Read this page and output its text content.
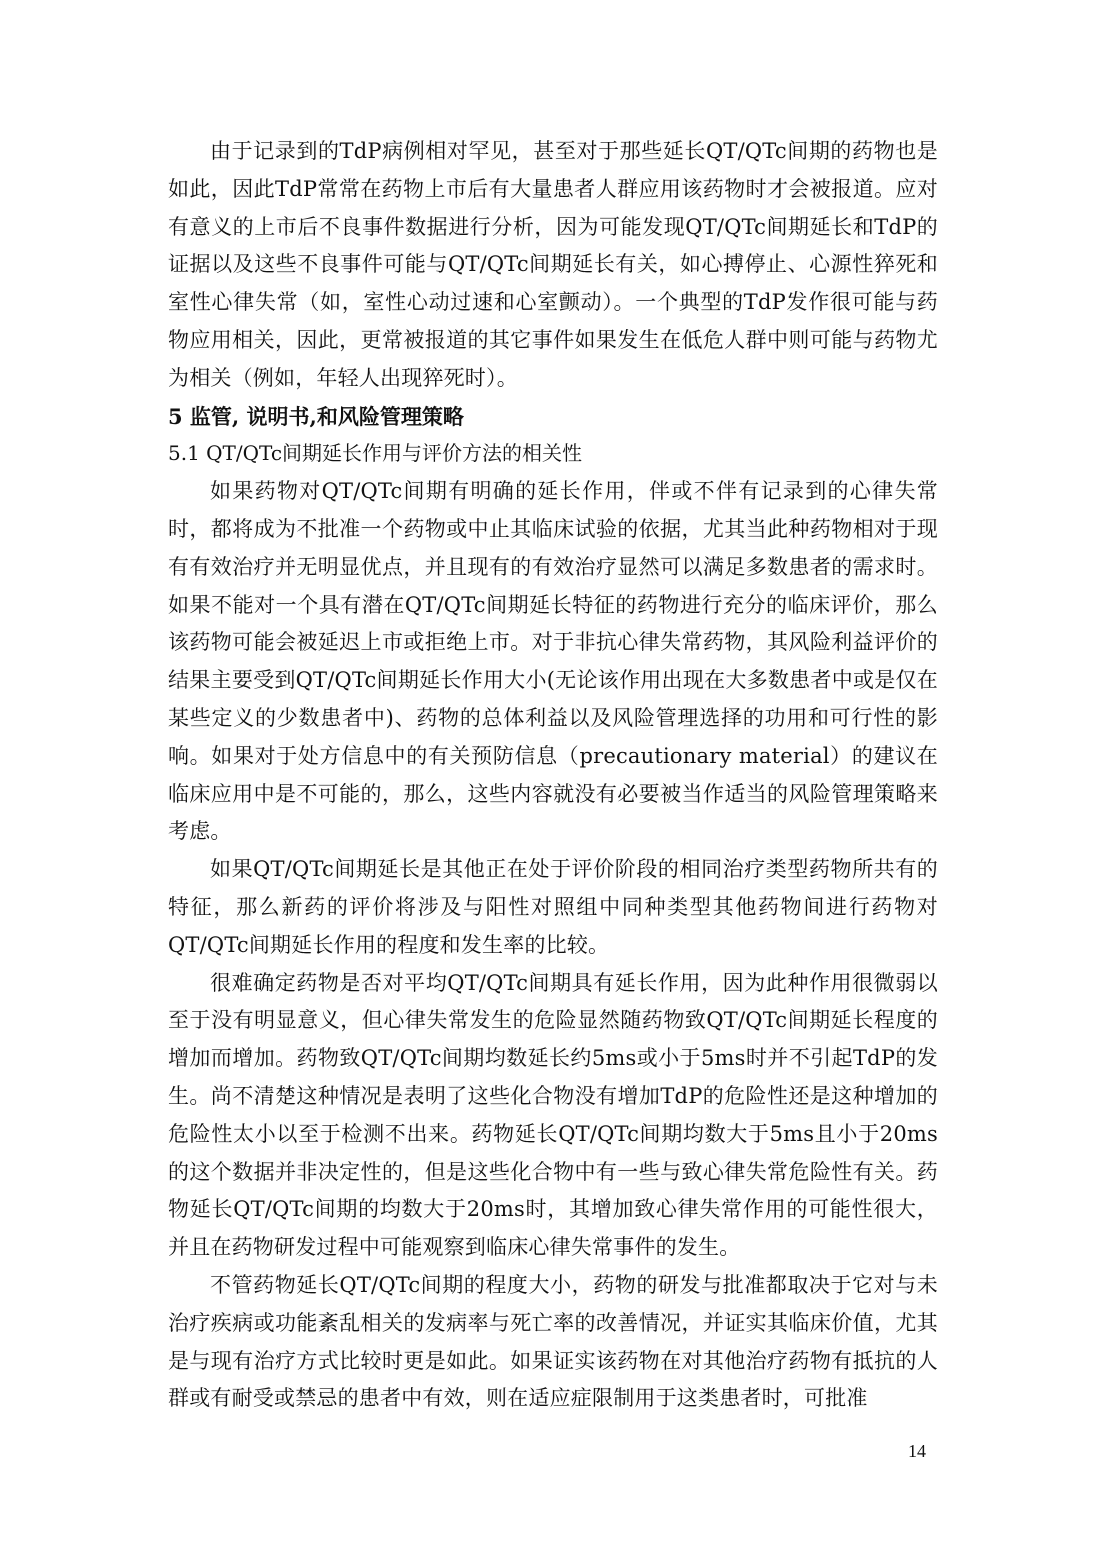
由于记录到的TdP病例相对罕见，甚至对于那些延长QT/QTc间期的药物也是如此，因此TdP常常在药物上市后有大量患者人群应用该药物时才会被报道。应对有意义的上市后不良事件数据进行分析，因为可能发现QT/QTc间期延长和TdP的证据以及这些不良事件可能与QT/QTc间期延长有关，如心搏停止、心源性猝死和室性心律失常（如，室性心动过速和心室颤动）。一个典型的TdP发作很可能与药物应用相关，因此，更常被报道的其它事件如果发生在低危人群中则可能与药物尤为相关（例如，年轻人出现猝死时）。

5 监管, 说明书,和风险管理策略

5.1 QT/QTc间期延长作用与评价方法的相关性

如果药物对QT/QTc间期有明确的延长作用，伴或不伴有记录到的心律失常时，都将成为不批准一个药物或中止其临床试验的依据，尤其当此种药物相对于现有有效治疗并无明显优点，并且现有的有效治疗显然可以满足多数患者的需求时。如果不能对一个具有潜在QT/QTc间期延长特征的药物进行充分的临床评价，那么该药物可能会被延迟上市或拒绝上市。对于非抗心律失常药物，其风险利益评价的结果主要受到QT/QTc间期延长作用大小(无论该作用出现在大多数患者中或是仅在某些定义的少数患者中)、药物的总体利益以及风险管理选择的功用和可行性的影响。如果对于处方信息中的有关预防信息（precautionary material）的建议在临床应用中是不可能的，那么，这些内容就没有必要被当作适当的风险管理策略来考虑。

如果QT/QTc间期延长是其他正在处于评价阶段的相同治疗类型药物所共有的特征，那么新药的评价将涉及与阳性对照组中同种类型其他药物间进行药物对QT/QTc间期延长作用的程度和发生率的比较。

很难确定药物是否对平均QT/QTc间期具有延长作用，因为此种作用很微弱以至于没有明显意义，但心律失常发生的危险显然随药物致QT/QTc间期延长程度的增加而增加。药物致QT/QTc间期均数延长约5ms或小于5ms时并不引起TdP的发生。尚不清楚这种情况是表明了这些化合物没有增加TdP的危险性还是这种增加的危险性太小以至于检测不出来。药物延长QT/QTc间期均数大于5ms且小于20ms的这个数据并非决定性的，但是这些化合物中有一些与致心律失常危险性有关。药物延长QT/QTc间期的均数大于20ms时，其增加致心律失常作用的可能性很大，并且在药物研发过程中可能观察到临床心律失常事件的发生。

不管药物延长QT/QTc间期的程度大小，药物的研发与批准都取决于它对与未治疗疾病或功能紊乱相关的发病率与死亡率的改善情况，并证实其临床价值，尤其是与现有治疗方式比较时更是如此。如果证实该药物在对其他治疗药物有抵抗的人群或有耐受或禁忌的患者中有效，则在适应症限制用于这类患者时，可批准

14
